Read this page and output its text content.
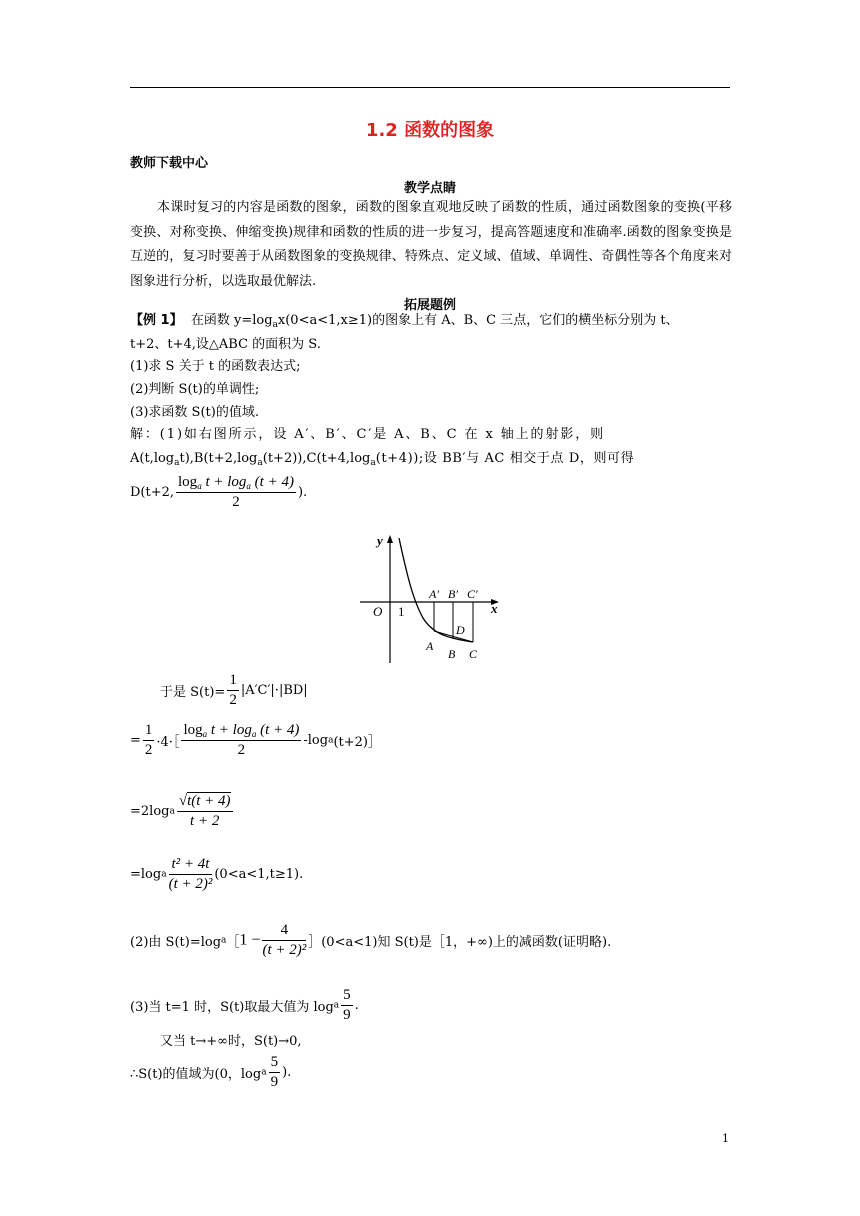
1.2 函数的图象
教师下载中心
教学点睛
本课时复习的内容是函数的图象，函数的图象直观地反映了函数的性质，通过函数图象的变换(平移变换、对称变换、伸缩变换)规律和函数的性质的进一步复习，提高答题速度和准确率.函数的图象变换是互逆的，复习时要善于从函数图象的变换规律、特殊点、定义域、值域、单调性、奇偶性等各个角度来对图象进行分析，以选取最优解法.
拓展题例
【例 1】 在函数 $y=\log_ax(0<a<1,x\ge 1)$的图象上有 A、B、C 三点，它们的横坐标分别为 t、
t+2、t+4,设△ABC 的面积为 S.
(1)求 S 关于 t 的函数表达式;
(2)判断 S(t)的单调性;
(3)求函数 S(t)的值域.
解：(1)如右图所示，设 A′、B′、C′是 A、B、C 在 x 轴上的射影，则
$A(t,\log_at),B(t+2,\log_a(t+2)),C(t+4,\log_a(t+4))$;设 BB′与 AC 相交于点 D，则可得
D(t+2, $\frac{\log_a t + \log_a (t + 4)}{2}$ ).
y
x
O 1
A′ B′ C′
A
B C
D
于是 $S(t)= \frac{1}{2} |A'C'|\cdot|BD|$
= $\frac{1}{2}$ ·4·［ $\frac{\log_a t + \log_a (t + 4)}{2}$ -loga(t+2)］
$=2\log a \frac{√t(t + 4)}{t + 2}$
$=\log a \frac{\text{t² + 4t}}{\text{(t + 2)²}} (0<a<1,t\ge 1)$.
(2)由 S(t)=loga［1 − $\frac{4}{\text{(t + 2)²}}$ ］(0<a<1)知 S(t)是［1，+∞)上的减函数(证明略).
(3)当 t=1 时，S(t)取最大值为 loga $\frac{5}{9}$ .
又当 t→+∞时，S(t)→0,
∴S(t)的值域为(0，loga $\frac{5}{9}$ ).
1
